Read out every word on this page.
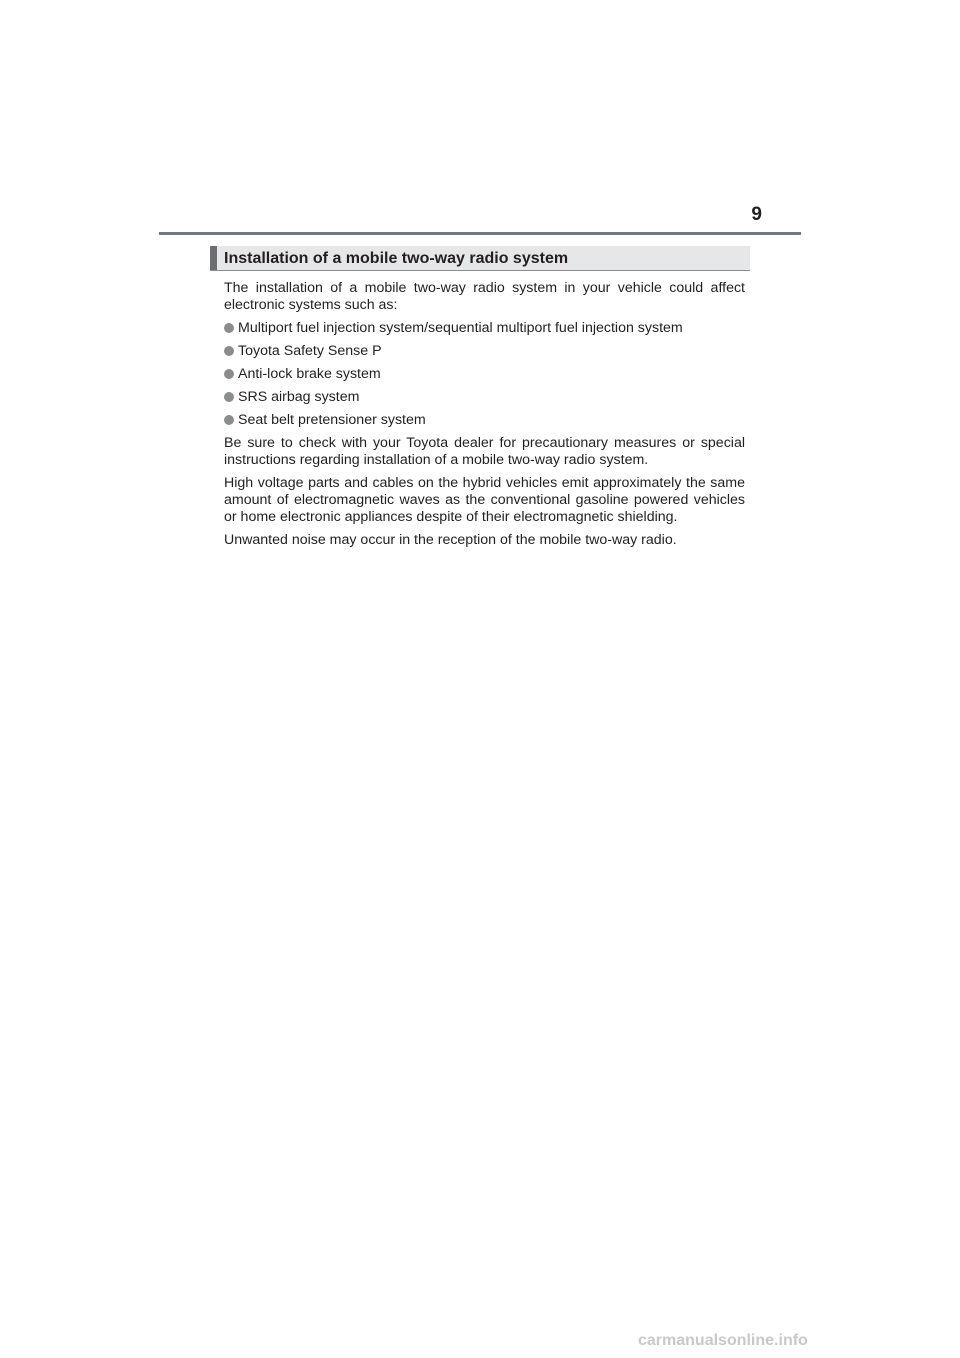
9
Installation of a mobile two-way radio system

The installation of a mobile two-way radio system in your vehicle could affect electronic systems such as:

Multiport fuel injection system/sequential multiport fuel injection system
Toyota Safety Sense P
Anti-lock brake system
SRS airbag system
Seat belt pretensioner system

Be sure to check with your Toyota dealer for precautionary measures or special instructions regarding installation of a mobile two-way radio system.

High voltage parts and cables on the hybrid vehicles emit approximately the same amount of electromagnetic waves as the conventional gasoline powered vehicles or home electronic appliances despite of their electromagnetic shielding.

Unwanted noise may occur in the reception of the mobile two-way radio.

carmanualsonline.info
